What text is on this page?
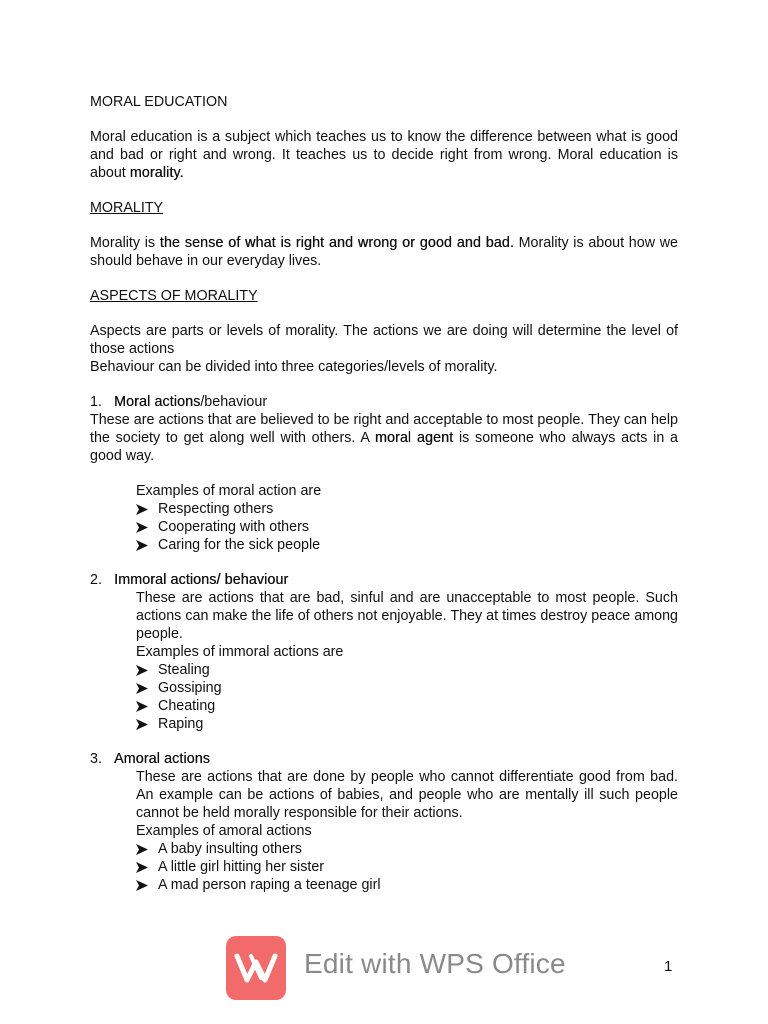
MORAL EDUCATION

Moral education is a subject which teaches us to know the difference between what is good and bad or right and wrong. It teaches us to decide right from wrong. Moral education is about morality.

MORALITY

Morality is the sense of what is right and wrong or good and bad. Morality is about how we should behave in our everyday lives.

ASPECTS OF MORALITY

Aspects are parts or levels of morality. The actions we are doing will determine the level of those actions

Behaviour can be divided into three categories/levels of morality.

1. Moral actions/behaviour

These are actions that are believed to be right and acceptable to most people. They can help the society to get along well with others. A moral agent is someone who always acts in a good way.

Examples of moral action are

Respecting others
Cooperating with others
Caring for the sick people
2. Immoral actions/ behaviour

These are actions that are bad, sinful and are unacceptable to most people. Such actions can make the life of others not enjoyable. They at times destroy peace among people.

Examples of immoral actions are

Stealing
Gossiping
Cheating
Raping
3. Amoral actions

These are actions that are done by people who cannot differentiate good from bad. An example can be actions of babies, and people who are mentally ill such people cannot be held morally responsible for their actions.

Examples of amoral actions

A baby insulting others
A little girl hitting her sister
A mad person raping a teenage girl
Edit with WPS Office	1
